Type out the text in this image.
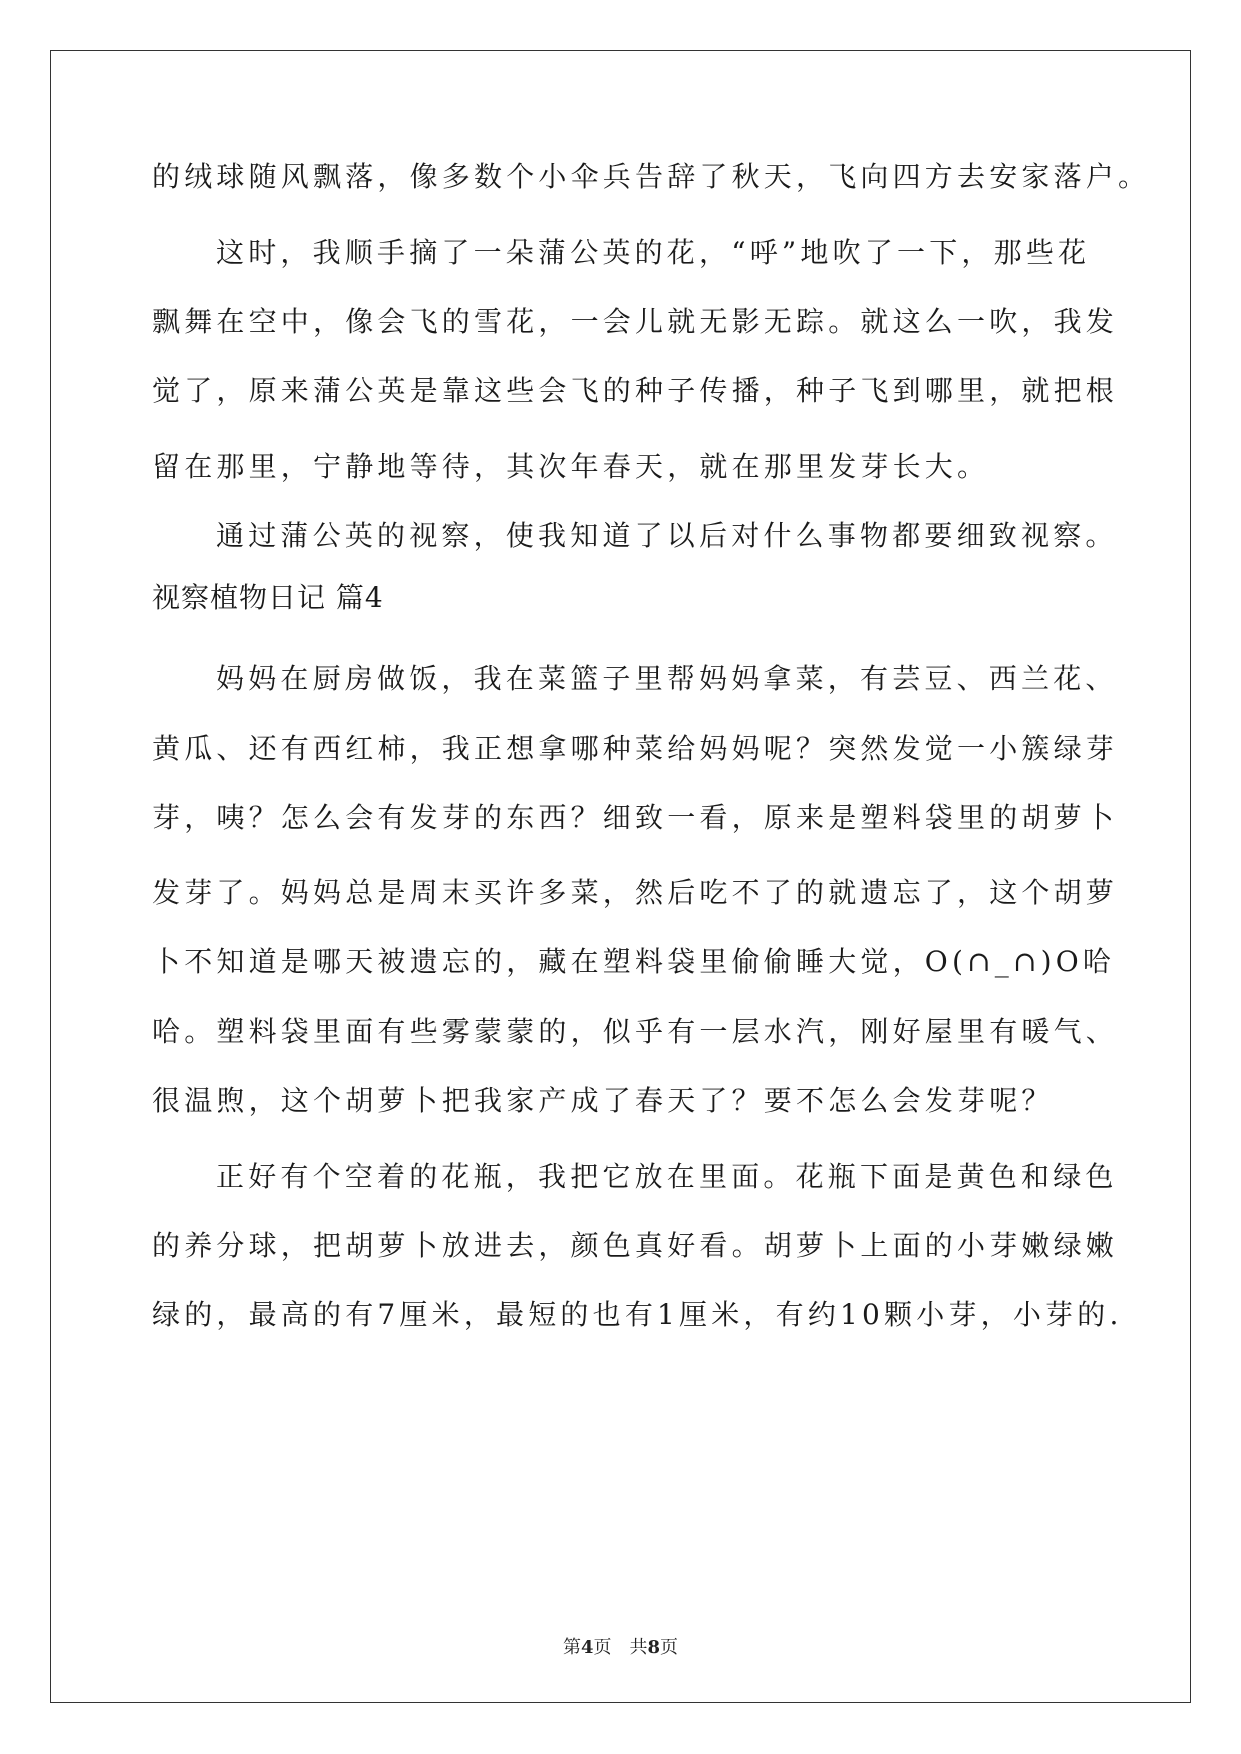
的绒球随风飘落，像多数个小伞兵告辞了秋天，飞向四方去安家落户。
这时，我顺手摘了一朵蒲公英的花，“呼”地吹了一下，那些花
飘舞在空中，像会飞的雪花，一会儿就无影无踪。就这么一吹，我发
觉了，原来蒲公英是靠这些会飞的种子传播，种子飞到哪里，就把根
留在那里，宁静地等待，其次年春天，就在那里发芽长大。
通过蒲公英的视察，使我知道了以后对什么事物都要细致视察。
视察植物日记 篇4
妈妈在厨房做饭，我在菜篮子里帮妈妈拿菜，有芸豆、西兰花、
黄瓜、还有西红柿，我正想拿哪种菜给妈妈呢？突然发觉一小簇绿芽
芽，咦？怎么会有发芽的东西？细致一看，原来是塑料袋里的胡萝卜
发芽了。妈妈总是周末买许多菜，然后吃不了的就遗忘了，这个胡萝
卜不知道是哪天被遗忘的，藏在塑料袋里偷偷睡大觉，O(∩_∩)O哈
哈。塑料袋里面有些雾蒙蒙的，似乎有一层水汽，刚好屋里有暖气、
很温煦，这个胡萝卜把我家产成了春天了？要不怎么会发芽呢？
正好有个空着的花瓶，我把它放在里面。花瓶下面是黄色和绿色
的养分球，把胡萝卜放进去，颜色真好看。胡萝卜上面的小芽嫩绿嫩
绿的，最高的有7厘米，最短的也有1厘米，有约10颗小芽，小芽的.
第4页 共8页
